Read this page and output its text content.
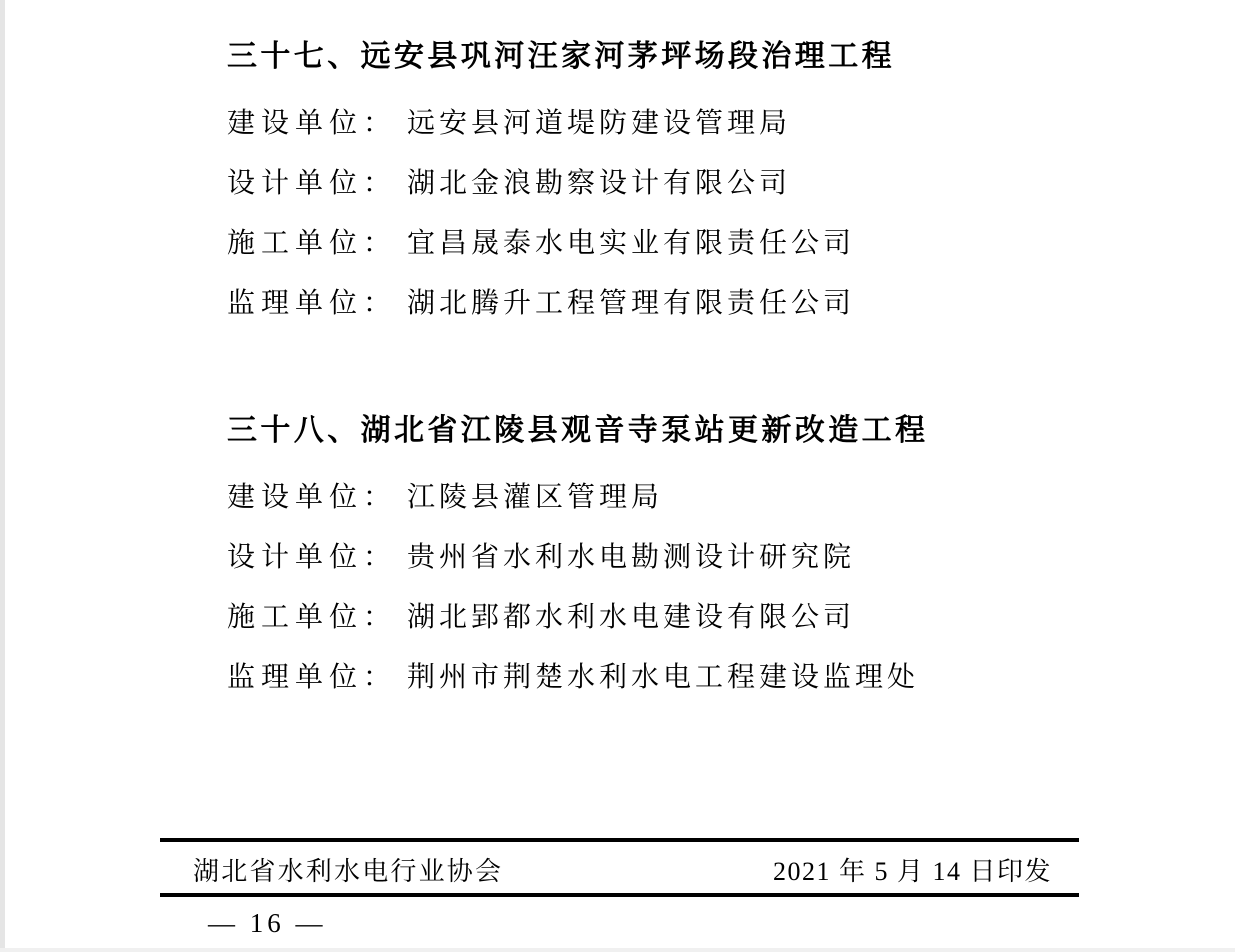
三十七、远安县巩河汪家河茅坪场段治理工程
建设单位： 远安县河道堤防建设管理局
设计单位： 湖北金浪勘察设计有限公司
施工单位： 宜昌晟泰水电实业有限责任公司
监理单位： 湖北腾升工程管理有限责任公司
三十八、湖北省江陵县观音寺泵站更新改造工程
建设单位： 江陵县灌区管理局
设计单位： 贵州省水利水电勘测设计研究院
施工单位： 湖北郢都水利水电建设有限公司
监理单位： 荆州市荆楚水利水电工程建设监理处
湖北省水利水电行业协会	2021 年 5 月 14 日印发
— 16 —
